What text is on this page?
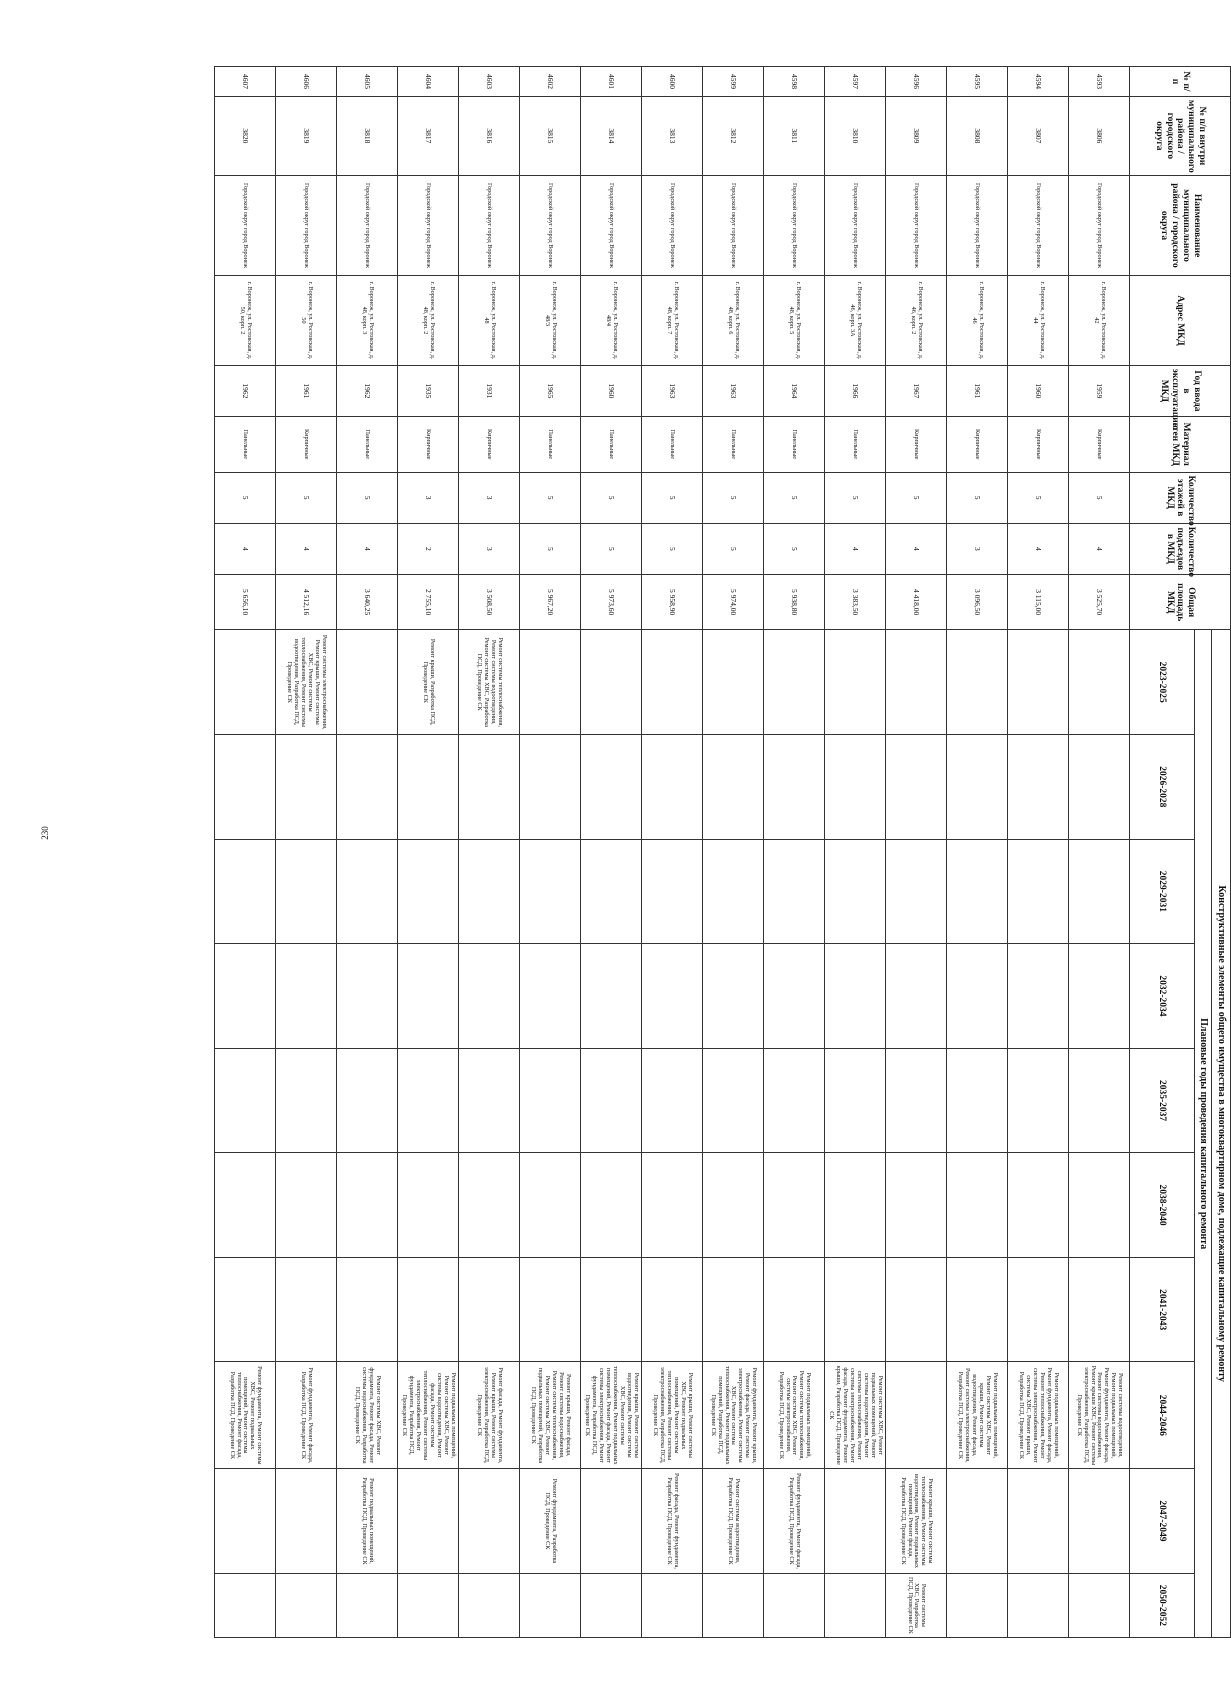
230
№ п/п	№ п/п внутри муниципального района / городского округа	Наименование муниципального района / городского округа	Адрес МКД	Год ввода в эксплуатацию МКД	Материал стен МКД	Количество этажей в МКД	Количество подъездов в МКД	Общая площадь МКД	Конструктивные элементы общего имущества в многоквартирном доме, подлежащие капитальному ремонту									
									Плановые годы проведения капитального ремонта									
									2023-2025	2026-2028	2029-2031	2032-2034	2035-2037	2038-2040	2041-2043	2044-2046	2047-2049	2050-2052
4593	3806	Городской округ город Воронеж	г. Воронеж, ул. Ростовская, д. 42	1959	Кирпичные	5	4	3 525,70								Ремонт системы водоотведения, Ремонт подвальных помещений, Ремонт фундамента, Ремонт фасада, Ремонт системы водоснабжения, Ремонт крыши ХВС, Ремонт системы электроснабжения, Разработка ПСД, Проведение СК		
4594	3807	Городской округ город Воронеж	г. Воронеж, ул. Ростовская, д. 44	1960	Кирпичные	5	4	3 115,00								Ремонт подвальных помещений, Ремонт фундамента, Ремонт фасада, Ремонт теплоснабжения, Ремонт системы электроснабжения, Ремонт системы ХВС, Ремонт крыши, Разработка ПСД, Проведение СК		
4595	3808	Городской округ город Воронеж	г. Воронеж, ул. Ростовская, д. 46	1961	Кирпичные	5	3	3 096,50								Ремонт подвальных помещений, Ремонт системы ХВС, Ремонт крыши, Ремонт системы водоотведения, Ремонт фасада, Ремонт системы электроснабжения, Разработка ПСД, Проведение СК		
4596	3809	Городской округ город Воронеж	г. Воронеж, ул. Ростовская, д. 46, корп. 2	1967	Кирпичные	5	4	4 418,00									Ремонт крыши, Ремонт системы теплоснабжения, Ремонт системы водоотведения, Ремонт подвальных помещений, Ремонт фасада, Разработка ПСД, Проведение СК	Ремонт системы ХВС, Разработка ПСД, Проведение СК
4597	3810	Городской округ город Воронеж	г. Воронеж, ул. Ростовская, д. 46, корп. 3А	1966	Панельные	5	4	3 383,50								Ремонт системы ХВС, Ремонт подвальных помещений, Ремонт системы водоотведения, Ремонт системы теплоснабжения, Ремонт системы электроснабжения, Ремонт фасада, Ремонт фундамента, Ремонт крыши, Разработка ПСД, Проведение СК		
4598	3811	Городской округ город Воронеж	г. Воронеж, ул. Ростовская, д. 48, корп. 5	1964	Панельные	5	5	5 938,80								Ремонт подвальных помещений, Ремонт системы теплоснабжения, Ремонт системы ХВС, Ремонт системы электроснабжения, Разработка ПСД, Проведение СК	Ремонт фундамента, Ремонт фасада, Разработка ПСД, Проведение СК	
4599	3812	Городской округ город Воронеж	г. Воронеж, ул. Ростовская, д. 48, корп. 6	1963	Панельные	5	5	5 974,00								Ремонт фундамента, Ремонт крыши, Ремонт фасада, Ремонт системы электроснабжения, Ремонт системы ХВС, Ремонт системы теплоснабжения, Ремонт подвальных помещений, Разработка ПСД, Проведение СК	Ремонт системы водоотведения, Разработка ПСД, Проведение СК	
4600	3813	Городской округ город Воронеж	г. Воронеж, ул. Ростовская, д. 48, корп. 7	1963	Панельные	5	5	5 958,90								Ремонт крыши, Ремонт системы ХВС, Ремонт подвальных помещений, Ремонт системы теплоснабжения, Ремонт системы электроснабжения, Разработка ПСД, Проведение СК	Ремонт фасада, Ремонт фундамента, Разработка ПСД, Проведение СК	
4601	3814	Городской округ город Воронеж	г. Воронеж, ул. Ростовская, д. 48/4	1960	Панельные	5	5	5 973,60								Ремонт крыши, Ремонт системы водоотведения, Ремонт системы ХВС, Ремонт системы теплоснабжения, Ремонт подвальных помещений, Ремонт фасада, Ремонт системы электроснабжения, Ремонт фундамента, Разработка ПСД, Проведение СК		
4602	3815	Городской округ город Воронеж	г. Воронеж, ул. Ростовская, д. 48/3	1965	Панельные	5	5	5 967,20								Ремонт крыши, Ремонт фасада, Ремонт системы водоснабжения, Ремонт системы теплоснабжения, Ремонт системы ХВС, Ремонт подвальных помещений, Разработка ПСД, Проведение СК	Ремонт фундамента, Разработка ПСД, Проведение СК	
4603	3816	Городской округ город Воронеж	г. Воронеж, ул. Ростовская, д. 48	1931	Кирпичные	3	3	3 508,50	Ремонт системы теплоснабжения, Ремонт системы водоотведения, Ремонт системы ХВС, Разработка ПСД, Проведение СК							Ремонт фасада, Ремонт фундамента, Ремонт крыши, Ремонт системы электроснабжения, Разработка ПСД, Проведение СК		
4604	3817	Городской округ город Воронеж	г. Воронеж, ул. Ростовская, д. 48, корп. 2	1935	Кирпичные	3	2	2 755,10	Ремонт крыши, Разработка ПСД, Проведение СК							Ремонт подвальных помещений, Ремонт системы ХВС, Ремонт системы водоотведения, Ремонт фасада, Ремонт системы теплоснабжения, Ремонт системы электроснабжения, Ремонт фундамента, Разработка ПСД, Проведение СК		
4605	3818	Городской округ город Воронеж	г. Воронеж, ул. Ростовская, д. 48, корп. 3	1962	Панельные	5	4	3 640,25								Ремонт системы ХВС, Ремонт фундамента, Ремонт фасада, Ремонт системы водоснабжения, Разработка ПСД, Проведение СК	Ремонт подвальных помещений, Разработка ПСД, Проведение СК	
4606	3819	Городской округ город Воронеж	г. Воронеж, ул. Ростовская, д. 50	1961	Кирпичные	5	4	4 512,16	Ремонт системы электроснабжения, Ремонт крыши, Ремонт системы ХВС, Ремонт системы теплоснабжения, Ремонт системы водоотведения, Разработка ПСД, Проведение СК							Ремонт фундамента, Ремонт фасада, Разработка ПСД, Проведение СК		
4607	3820	Городской округ город Воронеж	г. Воронеж, ул. Ростовская, д. 50, корп. 2	1962	Панельные	5	4	5 656,10								Ремонт фундамента, Ремонт системы ХВС, Ремонт подвальных помещений, Ремонт системы теплоснабжения, Ремонт фасада, Разработка ПСД, Проведение СК		
